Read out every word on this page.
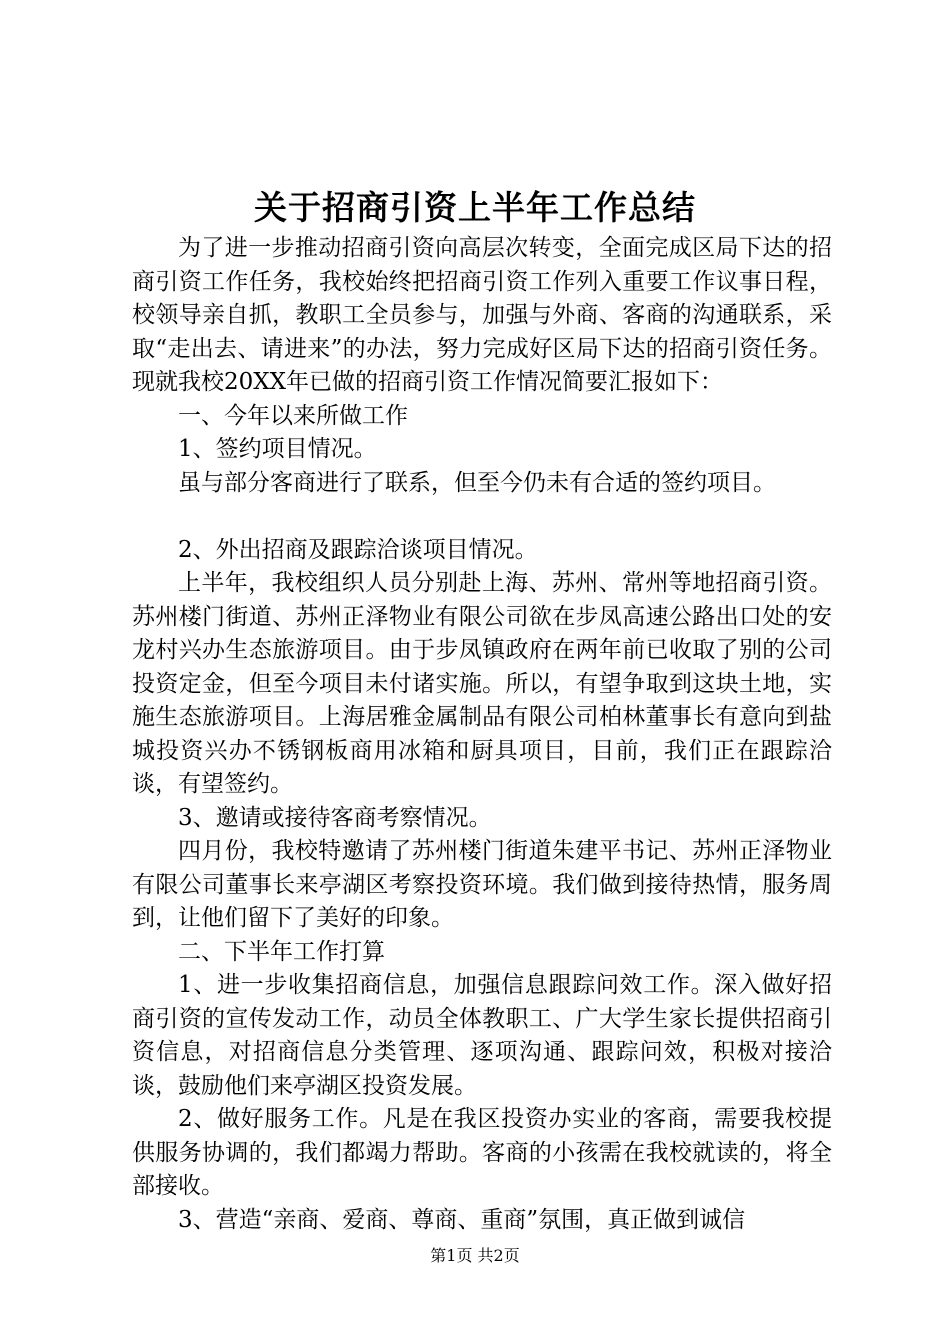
关于招商引资上半年工作总结

为了进一步推动招商引资向高层次转变，全面完成区局下达的招商引资工作任务，我校始终把招商引资工作列入重要工作议事日程，校领导亲自抓，教职工全员参与，加强与外商、客商的沟通联系，采取“走出去、请进来”的办法，努力完成好区局下达的招商引资任务。现就我校20XX年已做的招商引资工作情况简要汇报如下：

一、今年以来所做工作

1、签约项目情况。

虽与部分客商进行了联系，但至今仍未有合适的签约项目。

2、外出招商及跟踪洽谈项目情况。

上半年，我校组织人员分别赴上海、苏州、常州等地招商引资。苏州楼门街道、苏州正泽物业有限公司欲在步凤高速公路出口处的安龙村兴办生态旅游项目。由于步凤镇政府在两年前已收取了别的公司投资定金，但至今项目未付诸实施。所以，有望争取到这块土地，实施生态旅游项目。上海居雅金属制品有限公司柏林董事长有意向到盐城投资兴办不锈钢板商用冰箱和厨具项目，目前，我们正在跟踪洽谈，有望签约。

3、邀请或接待客商考察情况。

四月份，我校特邀请了苏州楼门街道朱建平书记、苏州正泽物业有限公司董事长来亭湖区考察投资环境。我们做到接待热情，服务周到，让他们留下了美好的印象。

二、下半年工作打算

1、进一步收集招商信息，加强信息跟踪问效工作。深入做好招商引资的宣传发动工作，动员全体教职工、广大学生家长提供招商引资信息，对招商信息分类管理、逐项沟通、跟踪问效，积极对接洽谈，鼓励他们来亭湖区投资发展。

2、做好服务工作。凡是在我区投资办实业的客商，需要我校提供服务协调的，我们都竭力帮助。客商的小孩需在我校就读的，将全部接收。

3、营造“亲商、爱商、尊商、重商”氛围，真正做到诚信

第1页 共2页
